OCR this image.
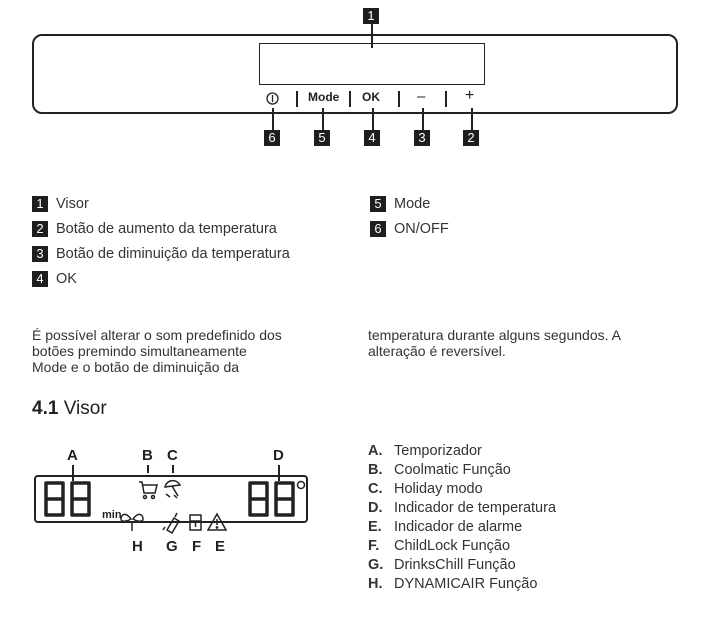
1
Mode OK – +
6	5	4	3	2
1 Visor
2 Botão de aumento da temperatura
3 Botão de diminuição da temperatura
4 OK
5 Mode
6 ON/OFF
É possível alterar o som predefinido dos
botões premindo simultaneamente
Mode e o botão de diminuição da
temperatura durante alguns segundos. A
alteração é reversível.
4.1 Visor
A	B C	D
H G F E
min
A. Temporizador
B. Coolmatic Função
C. Holiday modo
D. Indicador de temperatura
E. Indicador de alarme
F. ChildLock Função
G. DrinksChill Função
H. DYNAMICAIR Função
